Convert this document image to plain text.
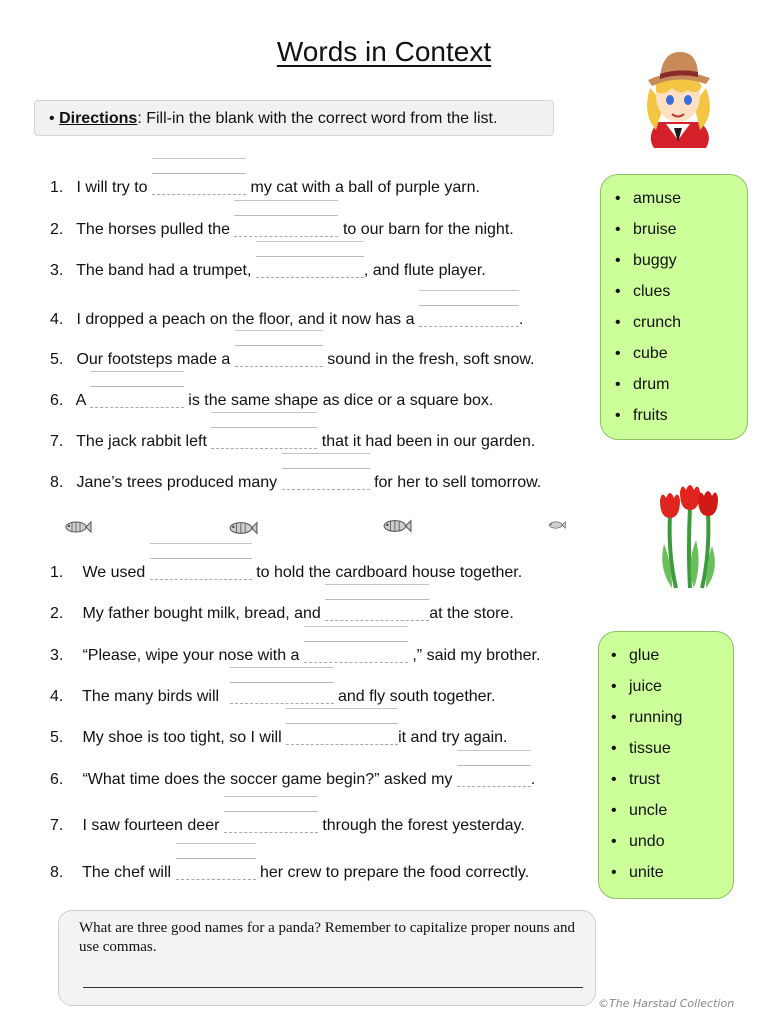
Words in Context
• Directions: Fill-in the blank with the correct word from the list.
1. I will try to	my cat with a ball of purple yarn.
2. The horses pulled the	to our barn for the night.
3. The band had a trumpet,	, and flute player.
4. I dropped a peach on the floor, and it now has a	.
5. Our footsteps made a	sound in the fresh, soft snow.
6. A	is the same shape as dice or a square box.
7. The jack rabbit left	that it had been in our garden.
8. Jane’s trees produced many	for her to sell tomorrow.
• amuse
• bruise
• buggy
• clues
• crunch
• cube
• drum
• fruits
1. We used	to hold the cardboard house together.
2. My father bought milk, bread, and	at the store.
3. “Please, wipe your nose with a	,” said my brother.
4. The many birds will	and fly south together.
5. My shoe is too tight, so I will	it and try again.
6. “What time does the soccer game begin?” asked my	.
7. I saw fourteen deer	through the forest yesterday.
8. The chef will	her crew to prepare the food correctly.
• glue
• juice
• running
• tissue
• trust
• uncle
• undo
• unite
What are three good names for a panda? Remember to capitalize proper nouns and use commas.
©The Harstad Collection
